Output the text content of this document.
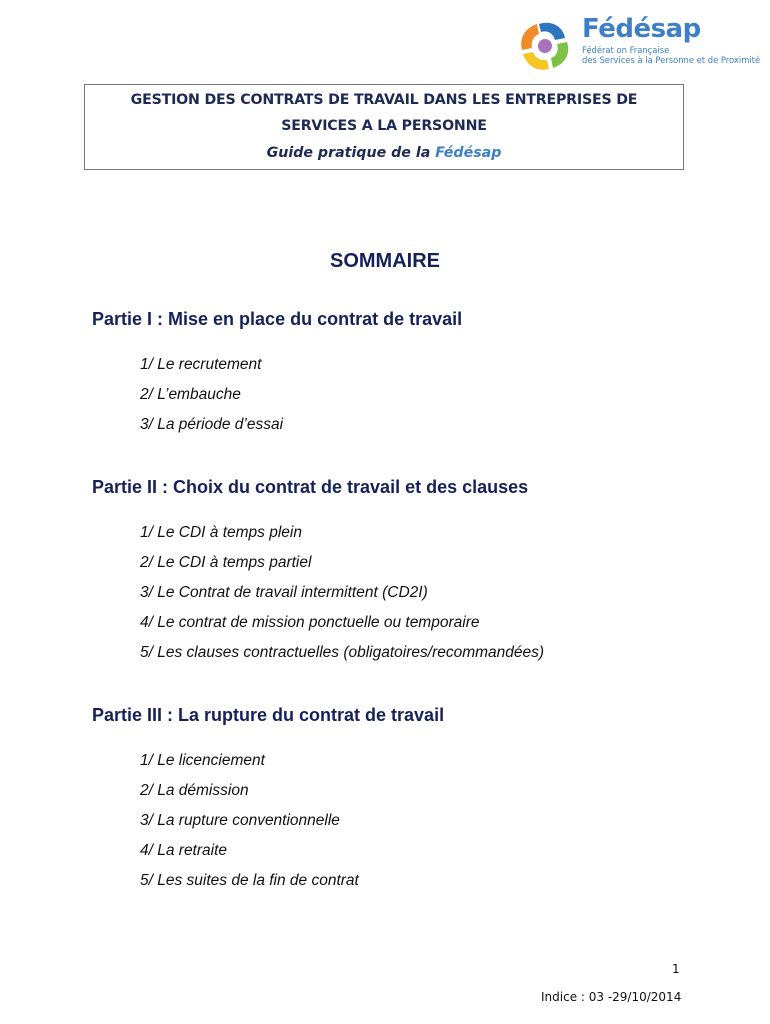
Fédésap
Fédérat on Française
des Services à la Personne et de Proximité
GESTION DES CONTRATS DE TRAVAIL DANS LES ENTREPRISES DE
SERVICES A LA PERSONNE
Guide pratique de la Fédésap
SOMMAIRE
Partie I : Mise en place du contrat de travail
1/ Le recrutement
2/ L’embauche
3/ La période d’essai
Partie II : Choix du contrat de travail et des clauses
1/ Le CDI à temps plein
2/ Le CDI à temps partiel
3/ Le Contrat de travail intermittent (CD2I)
4/ Le contrat de mission ponctuelle ou temporaire
5/ Les clauses contractuelles (obligatoires/recommandées)
Partie III : La rupture du contrat de travail
1/ Le licenciement
2/ La démission
3/ La rupture conventionnelle
4/ La retraite
5/ Les suites de la fin de contrat
1
Indice : 03 -29/10/2014
